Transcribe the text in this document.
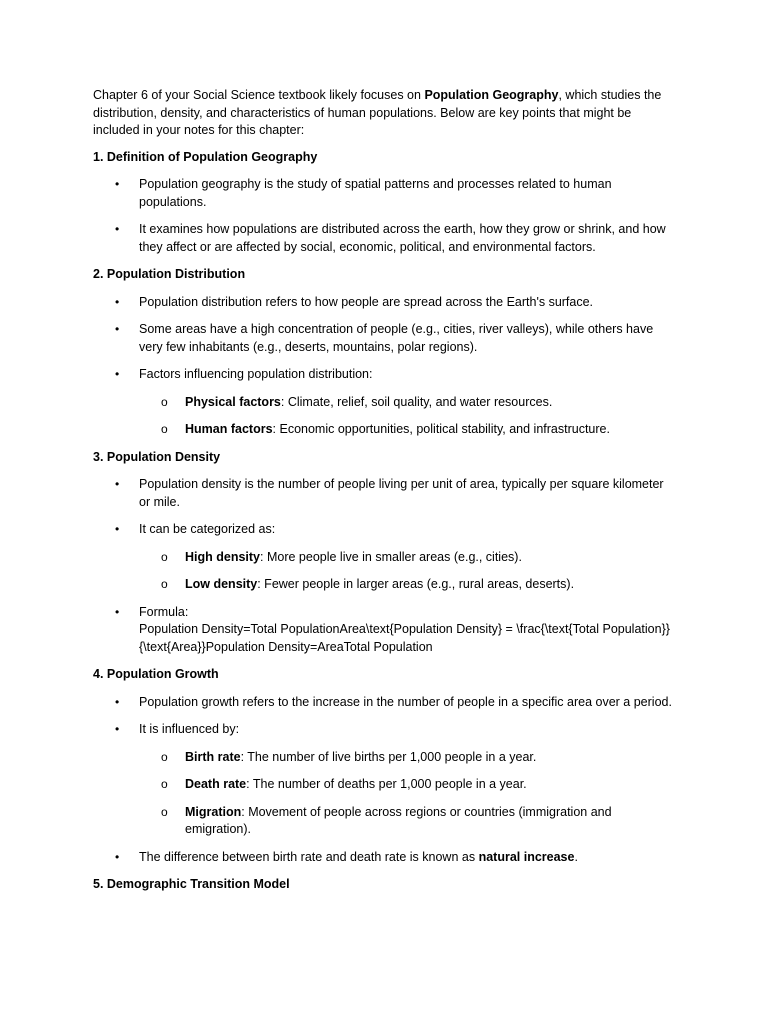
Chapter 6 of your Social Science textbook likely focuses on Population Geography, which studies the distribution, density, and characteristics of human populations. Below are key points that might be included in your notes for this chapter:

1. Definition of Population Geography

• Population geography is the study of spatial patterns and processes related to human populations.
• It examines how populations are distributed across the earth, how they grow or shrink, and how they affect or are affected by social, economic, political, and environmental factors.

2. Population Distribution

• Population distribution refers to how people are spread across the Earth's surface.
• Some areas have a high concentration of people (e.g., cities, river valleys), while others have very few inhabitants (e.g., deserts, mountains, polar regions).
• Factors influencing population distribution:
o Physical factors: Climate, relief, soil quality, and water resources.
o Human factors: Economic opportunities, political stability, and infrastructure.

3. Population Density

• Population density is the number of people living per unit of area, typically per square kilometer or mile.
• It can be categorized as:
o High density: More people live in smaller areas (e.g., cities).
o Low density: Fewer people in larger areas (e.g., rural areas, deserts).
• Formula:
Population Density=Total PopulationArea\text{Population Density} = \frac{\text{Total Population}}{\text{Area}}Population Density=AreaTotal Population

4. Population Growth

• Population growth refers to the increase in the number of people in a specific area over a period.
• It is influenced by:
o Birth rate: The number of live births per 1,000 people in a year.
o Death rate: The number of deaths per 1,000 people in a year.
o Migration: Movement of people across regions or countries (immigration and emigration).
• The difference between birth rate and death rate is known as natural increase.

5. Demographic Transition Model
